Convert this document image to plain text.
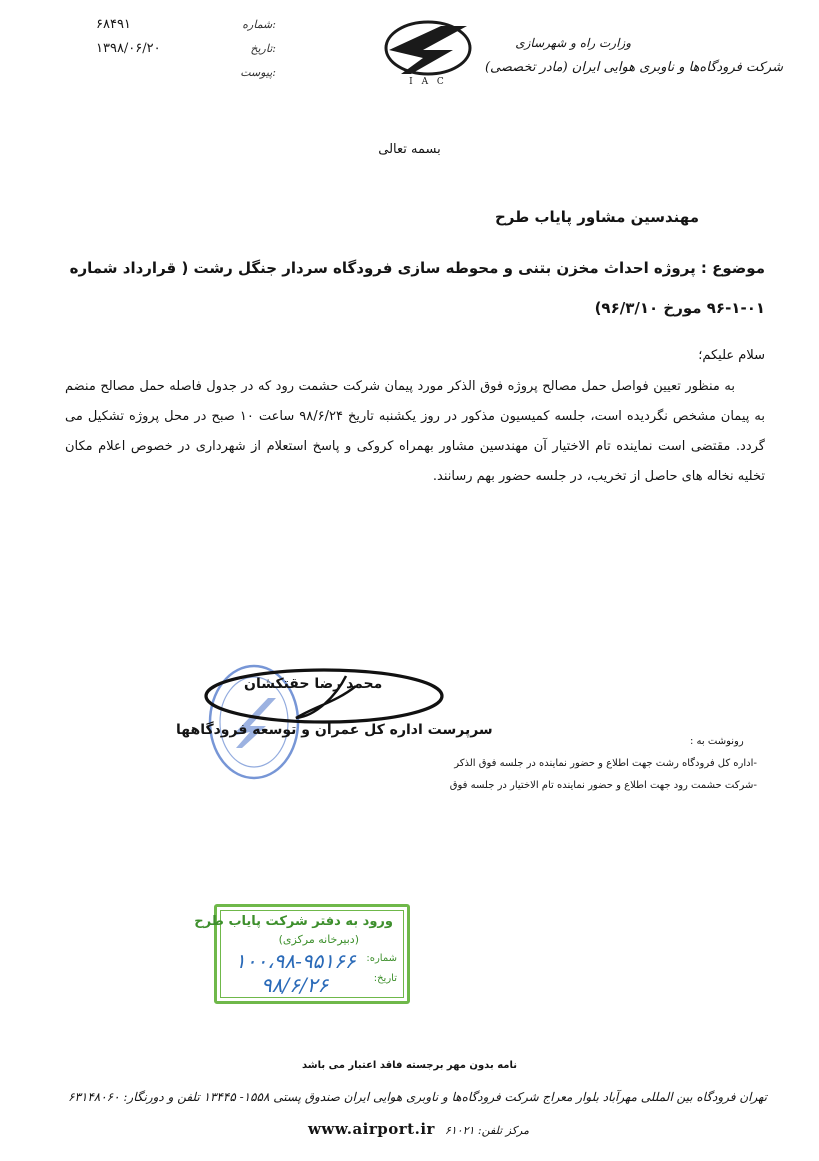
۶۸۴۹۱	شماره:
۱۳۹۸/۰۶/۲۰	تاریخ:
پیوست:
I A C
وزارت راه و شهرسازی
شرکت فرودگاه‌ها و ناوبری هوایی ایران (مادر تخصصی)
بسمه تعالی
مهندسین مشاور پایاب طرح
موضوع : پروژه احداث مخزن بتنی و محوطه سازی فرودگاه سردار جنگل رشت ( قرارداد شماره ۰۱-۱-۹۶ مورخ ۹۶/۳/۱۰)
سلام علیکم؛
به منظور تعیین فواصل حمل مصالح پروژه فوق الذکر مورد پیمان شرکت حشمت رود که در جدول فاصله حمل مصالح منضم به پیمان مشخص نگردیده است، جلسه کمیسیون مذکور در روز یکشنبه تاریخ ۹۸/۶/۲۴ ساعت ۱۰ صبح در محل پروژه تشکیل می گردد. مقتضی است نماینده تام الاختیار آن مهندسین مشاور بهمراه کروکی و پاسخ استعلام از شهرداری در خصوص اعلام مکان تخلیه نخاله های حاصل از تخریب، در جلسه حضور بهم رسانند.
محمد رضا حقتکشان
سرپرست اداره کل عمران و توسعه فرودگاهها
رونوشت به :
-اداره کل فرودگاه رشت جهت اطلاع و حضور نماینده در جلسه فوق الذکر
-شرکت حشمت رود جهت اطلاع و حضور نماینده تام الاختیار در جلسه فوق
ورود به دفتر شرکت پایاب طرح
(دبیرخانه مرکزی)
شماره:
تاریخ:
۱۰۰،۹۸-۹۵۱۶۶
۹۸/۶/۲۶
نامه بدون مهر برجسته فاقد اعتبار می باشد
تهران فرودگاه بین المللی مهرآباد بلوار معراج شرکت فرودگاه‌ها و ناوبری هوایی ایران صندوق پستی ۱۵۵۸- ۱۳۴۴۵ تلفن و دورنگار: ۶۳۱۴۸۰۶۰
مرکز تلفن: ۶۱۰۲۱
www.airport.ir
